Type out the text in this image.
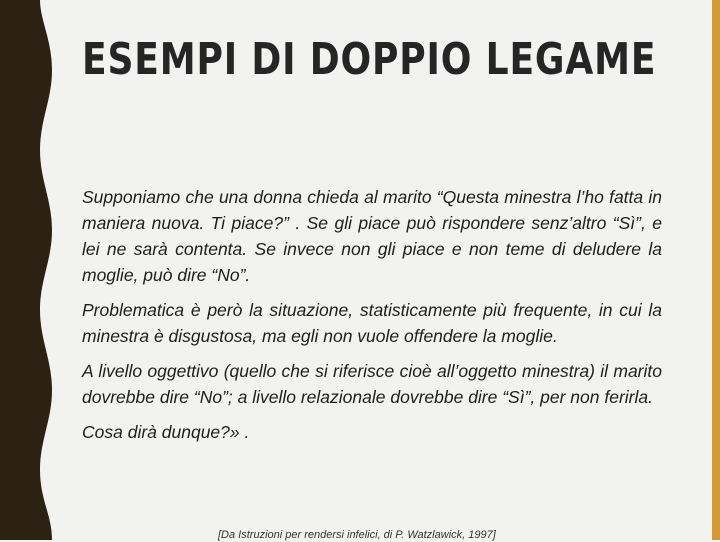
ESEMPI DI DOPPIO LEGAME

Supponiamo che una donna chieda al marito “Questa minestra l’ho fatta in maniera nuova. Ti piace?” . Se gli piace può rispondere senz’altro “Sì”, e lei ne sarà contenta. Se invece non gli piace e non teme di deludere la moglie, può dire “No”.

Problematica è però la situazione, statisticamente più frequente, in cui la minestra è disgustosa, ma egli non vuole offendere la moglie.

A livello oggettivo (quello che si riferisce cioè all’oggetto minestra) il marito dovrebbe dire “No”; a livello relazionale dovrebbe dire “Sì”, per non ferirla.

Cosa dirà dunque?» .

[Da Istruzioni per rendersi infelici, di P. Watzlawick, 1997]
